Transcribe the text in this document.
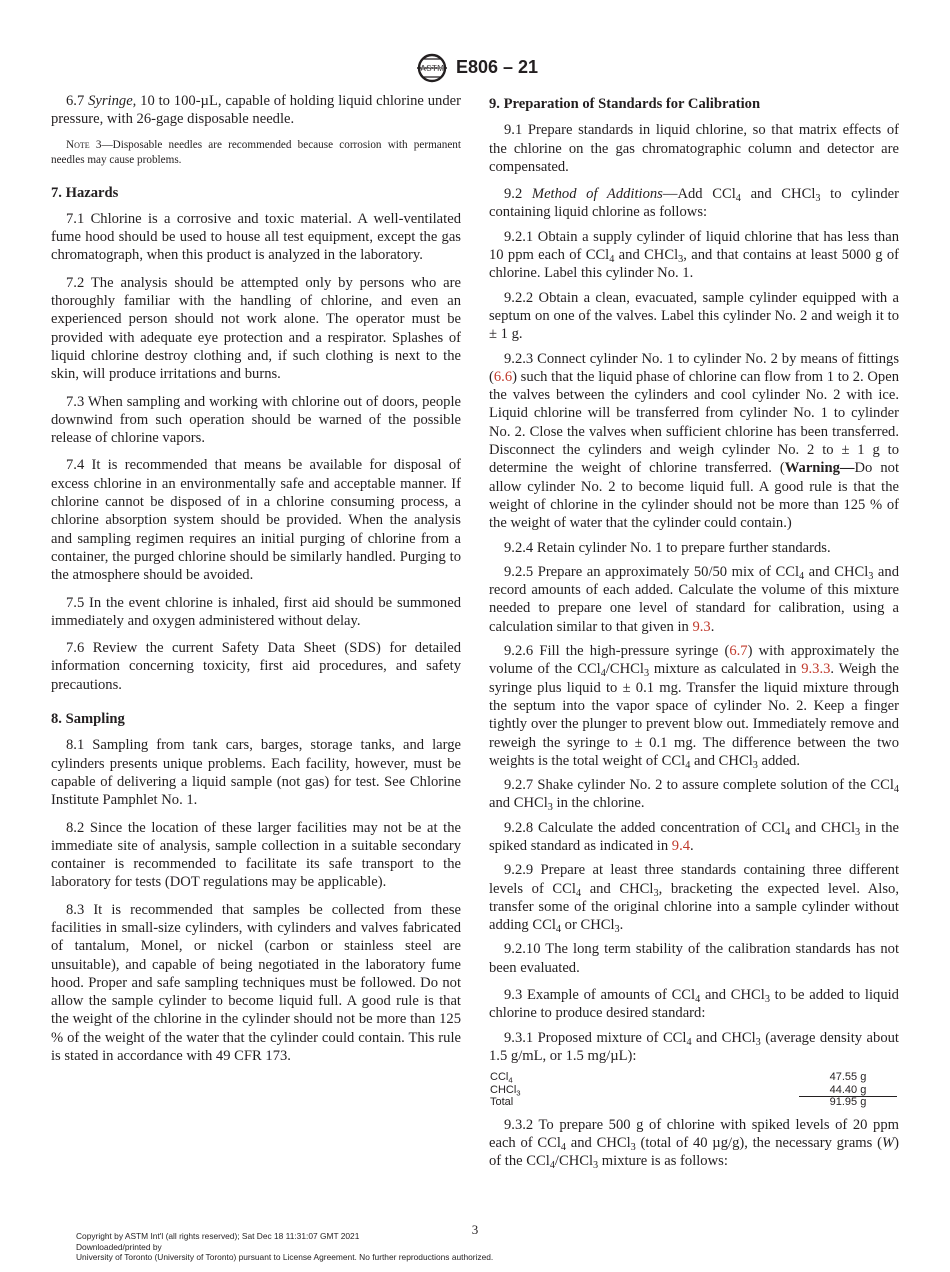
ASTM E806 – 21

6.7 Syringe, 10 to 100-µL, capable of holding liquid chlorine under pressure, with 26-gage disposable needle.

Note 3—Disposable needles are recommended because corrosion with permanent needles may cause problems.

7. Hazards

7.1 Chlorine is a corrosive and toxic material. A well-ventilated fume hood should be used to house all test equipment, except the gas chromatograph, when this product is analyzed in the laboratory.

7.2 The analysis should be attempted only by persons who are thoroughly familiar with the handling of chlorine, and even an experienced person should not work alone. The operator must be provided with adequate eye protection and a respirator. Splashes of liquid chlorine destroy clothing and, if such clothing is next to the skin, will produce irritations and burns.

7.3 When sampling and working with chlorine out of doors, people downwind from such operation should be warned of the possible release of chlorine vapors.

7.4 It is recommended that means be available for disposal of excess chlorine in an environmentally safe and acceptable manner. If chlorine cannot be disposed of in a chlorine consuming process, a chlorine absorption system should be provided. When the analysis and sampling regimen requires an initial purging of chlorine from a container, the purged chlorine should be similarly handled. Purging to the atmosphere should be avoided.

7.5 In the event chlorine is inhaled, first aid should be summoned immediately and oxygen administered without delay.

7.6 Review the current Safety Data Sheet (SDS) for detailed information concerning toxicity, first aid procedures, and safety precautions.

8. Sampling

8.1 Sampling from tank cars, barges, storage tanks, and large cylinders presents unique problems. Each facility, however, must be capable of delivering a liquid sample (not gas) for test. See Chlorine Institute Pamphlet No. 1.

8.2 Since the location of these larger facilities may not be at the immediate site of analysis, sample collection in a suitable secondary container is recommended to facilitate its safe transport to the laboratory for tests (DOT regulations may be applicable).

8.3 It is recommended that samples be collected from these facilities in small-size cylinders, with cylinders and valves fabricated of tantalum, Monel, or nickel (carbon or stainless steel are unsuitable), and capable of being negotiated in the laboratory fume hood. Proper and safe sampling techniques must be followed. Do not allow the sample cylinder to become liquid full. A good rule is that the weight of the chlorine in the cylinder should not be more than 125 % of the weight of the water that the cylinder could contain. This rule is stated in accordance with 49 CFR 173.

9. Preparation of Standards for Calibration

9.1 Prepare standards in liquid chlorine, so that matrix effects of the chlorine on the gas chromatographic column and detector are compensated.

9.2 Method of Additions—Add CCl$_4$ and CHCl$_3$ to cylinder containing liquid chlorine as follows:

9.2.1 Obtain a supply cylinder of liquid chlorine that has less than 10 ppm each of CCl$_4$ and CHCl$_3$, and that contains at least 5000 g of chlorine. Label this cylinder No. 1.

9.2.2 Obtain a clean, evacuated, sample cylinder equipped with a septum on one of the valves. Label this cylinder No. 2 and weigh it to ± 1 g.

9.2.3 Connect cylinder No. 1 to cylinder No. 2 by means of fittings (6.6) such that the liquid phase of chlorine can flow from 1 to 2. Open the valves between the cylinders and cool cylinder No. 2 with ice. Liquid chlorine will be transferred from cylinder No. 1 to cylinder No. 2. Close the valves when sufficient chlorine has been transferred. Disconnect the cylinders and weigh cylinder No. 2 to ± 1 g to determine the weight of chlorine transferred. (Warning—Do not allow cylinder No. 2 to become liquid full. A good rule is that the weight of chlorine in the cylinder should not be more than 125 % of the weight of water that the cylinder could contain.)

9.2.4 Retain cylinder No. 1 to prepare further standards.

9.2.5 Prepare an approximately 50/50 mix of CCl$_4$ and CHCl$_3$ and record amounts of each added. Calculate the volume of this mixture needed to prepare one level of standard for calibration, using a calculation similar to that given in 9.3.

9.2.6 Fill the high-pressure syringe (6.7) with approximately the volume of the CCl$_4$/CHCl$_3$ mixture as calculated in 9.3.3. Weigh the syringe plus liquid to ± 0.1 mg. Transfer the liquid mixture through the septum into the vapor space of cylinder No. 2. Keep a finger tightly over the plunger to prevent blow out. Immediately remove and reweigh the syringe to ± 0.1 mg. The difference between the two weights is the total weight of CCl$_4$ and CHCl$_3$ added.

9.2.7 Shake cylinder No. 2 to assure complete solution of the CCl$_4$ and CHCl$_3$ in the chlorine.

9.2.8 Calculate the added concentration of CCl$_4$ and CHCl$_3$ in the spiked standard as indicated in 9.4.

9.2.9 Prepare at least three standards containing three different levels of CCl$_4$ and CHCl$_3$, bracketing the expected level. Also, transfer some of the original chlorine into a sample cylinder without adding CCl$_4$ or CHCl$_3$.

9.2.10 The long term stability of the calibration standards has not been evaluated.

9.3 Example of amounts of CCl$_4$ and CHCl$_3$ to be added to liquid chlorine to produce desired standard:

9.3.1 Proposed mixture of CCl$_4$ and CHCl$_3$ (average density about 1.5 g/mL, or 1.5 mg/µL):

CCl$_4$	47.55 g
CHCl$_3$	44.40 g
Total	91.95 g

9.3.2 To prepare 500 g of chlorine with spiked levels of 20 ppm each of CCl$_4$ and CHCl$_3$ (total of 40 µg/g), the necessary grams (W) of the CCl$_4$/CHCl$_3$ mixture is as follows:

3
Copyright by ASTM Int'l (all rights reserved); Sat Dec 18 11:31:07 GMT 2021
Downloaded/printed by
University of Toronto (University of Toronto) pursuant to License Agreement. No further reproductions authorized.
